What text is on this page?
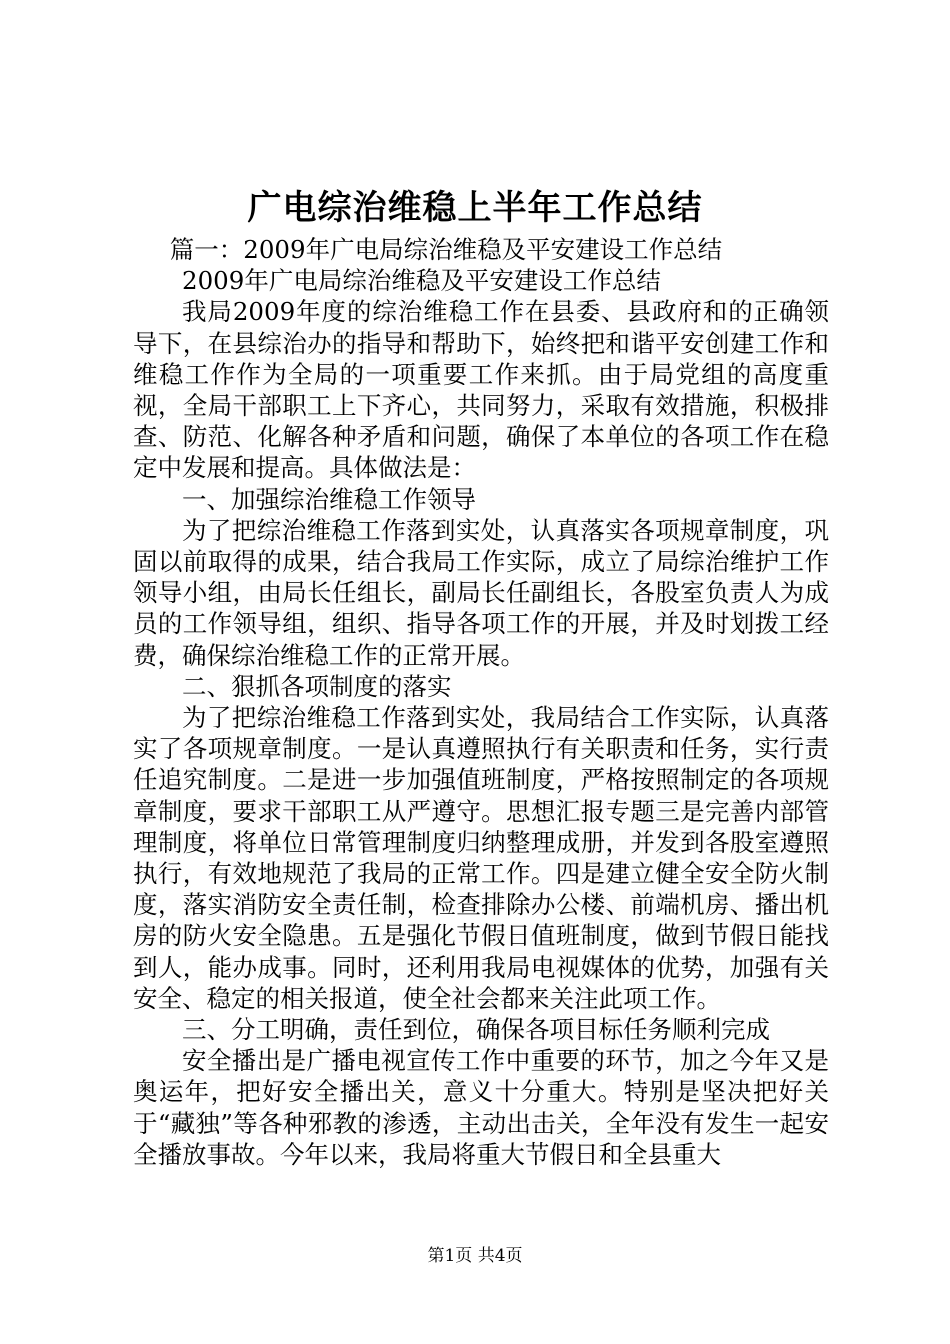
广电综治维稳上半年工作总结

篇一：2009年广电局综治维稳及平安建设工作总结

2009年广电局综治维稳及平安建设工作总结

我局2009年度的综治维稳工作在县委、县政府和的正确领导下，在县综治办的指导和帮助下，始终把和谐平安创建工作和维稳工作作为全局的一项重要工作来抓。由于局党组的高度重视，全局干部职工上下齐心，共同努力，采取有效措施，积极排查、防范、化解各种矛盾和问题，确保了本单位的各项工作在稳定中发展和提高。具体做法是：

一、加强综治维稳工作领导

为了把综治维稳工作落到实处，认真落实各项规章制度，巩固以前取得的成果，结合我局工作实际，成立了局综治维护工作领导小组，由局长任组长，副局长任副组长，各股室负责人为成员的工作领导组，组织、指导各项工作的开展，并及时划拨工经费，确保综治维稳工作的正常开展。

二、狠抓各项制度的落实

为了把综治维稳工作落到实处，我局结合工作实际，认真落实了各项规章制度。一是认真遵照执行有关职责和任务，实行责任追究制度。二是进一步加强值班制度，严格按照制定的各项规章制度，要求干部职工从严遵守。思想汇报专题三是完善内部管理制度，将单位日常管理制度归纳整理成册，并发到各股室遵照执行，有效地规范了我局的正常工作。四是建立健全安全防火制度，落实消防安全责任制，检查排除办公楼、前端机房、播出机房的防火安全隐患。五是强化节假日值班制度，做到节假日能找到人，能办成事。同时，还利用我局电视媒体的优势，加强有关安全、稳定的相关报道，使全社会都来关注此项工作。

三、分工明确，责任到位，确保各项目标任务顺利完成

安全播出是广播电视宣传工作中重要的环节，加之今年又是奥运年，把好安全播出关，意义十分重大。特别是坚决把好关于“藏独”等各种邪教的渗透，主动出击关，全年没有发生一起安全播放事故。今年以来，我局将重大节假日和全县重大

第1页 共4页
